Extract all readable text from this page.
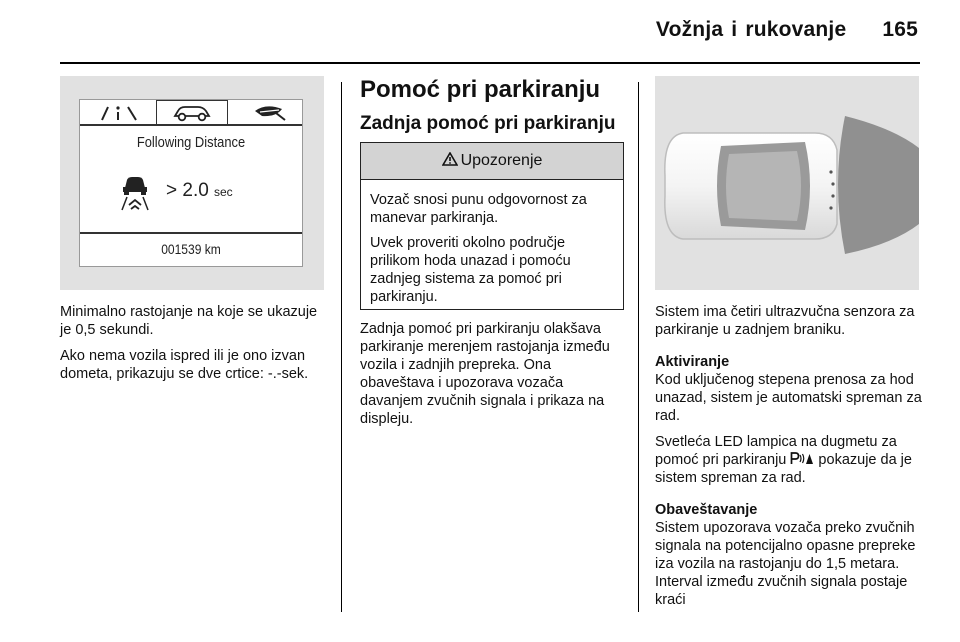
Vožnja i rukovanje 165
Following Distance
> 2.0 sec
001539 km

Minimalno rastojanje na koje se ukazuje je 0,5 sekundi.

Ako nema vozila ispred ili je ono izvan dometa, prikazuju se dve crtice: -.-sek.

Pomoć pri parkiranju
Zadnja pomoć pri parkiranju
Upozorenje

Vozač snosi punu odgovornost za manevar parkiranja.

Uvek proveriti okolno područje prilikom hoda unazad i pomoću zadnjeg sistema za pomoć pri parkiranju.

Zadnja pomoć pri parkiranju olakšava parkiranje merenjem rastojanja između vozila i zadnjih prepreka. Ona obaveštava i upozorava vozača davanjem zvučnih signala i prikaza na displeju.

Sistem ima četiri ultrazvučna senzora za parkiranje u zadnjem braniku.

Aktiviranje

Kod uključenog stepena prenosa za hod unazad, sistem je automatski spreman za rad.

Svetleća LED lampica na dugmetu za pomoć pri parkiranju  pokazuje da je sistem spreman za rad.

Obaveštavanje

Sistem upozorava vozača preko zvučnih signala na potencijalno opasne prepreke iza vozila na rastojanju do 1,5 metara. Interval između zvučnih signala postaje kraći
